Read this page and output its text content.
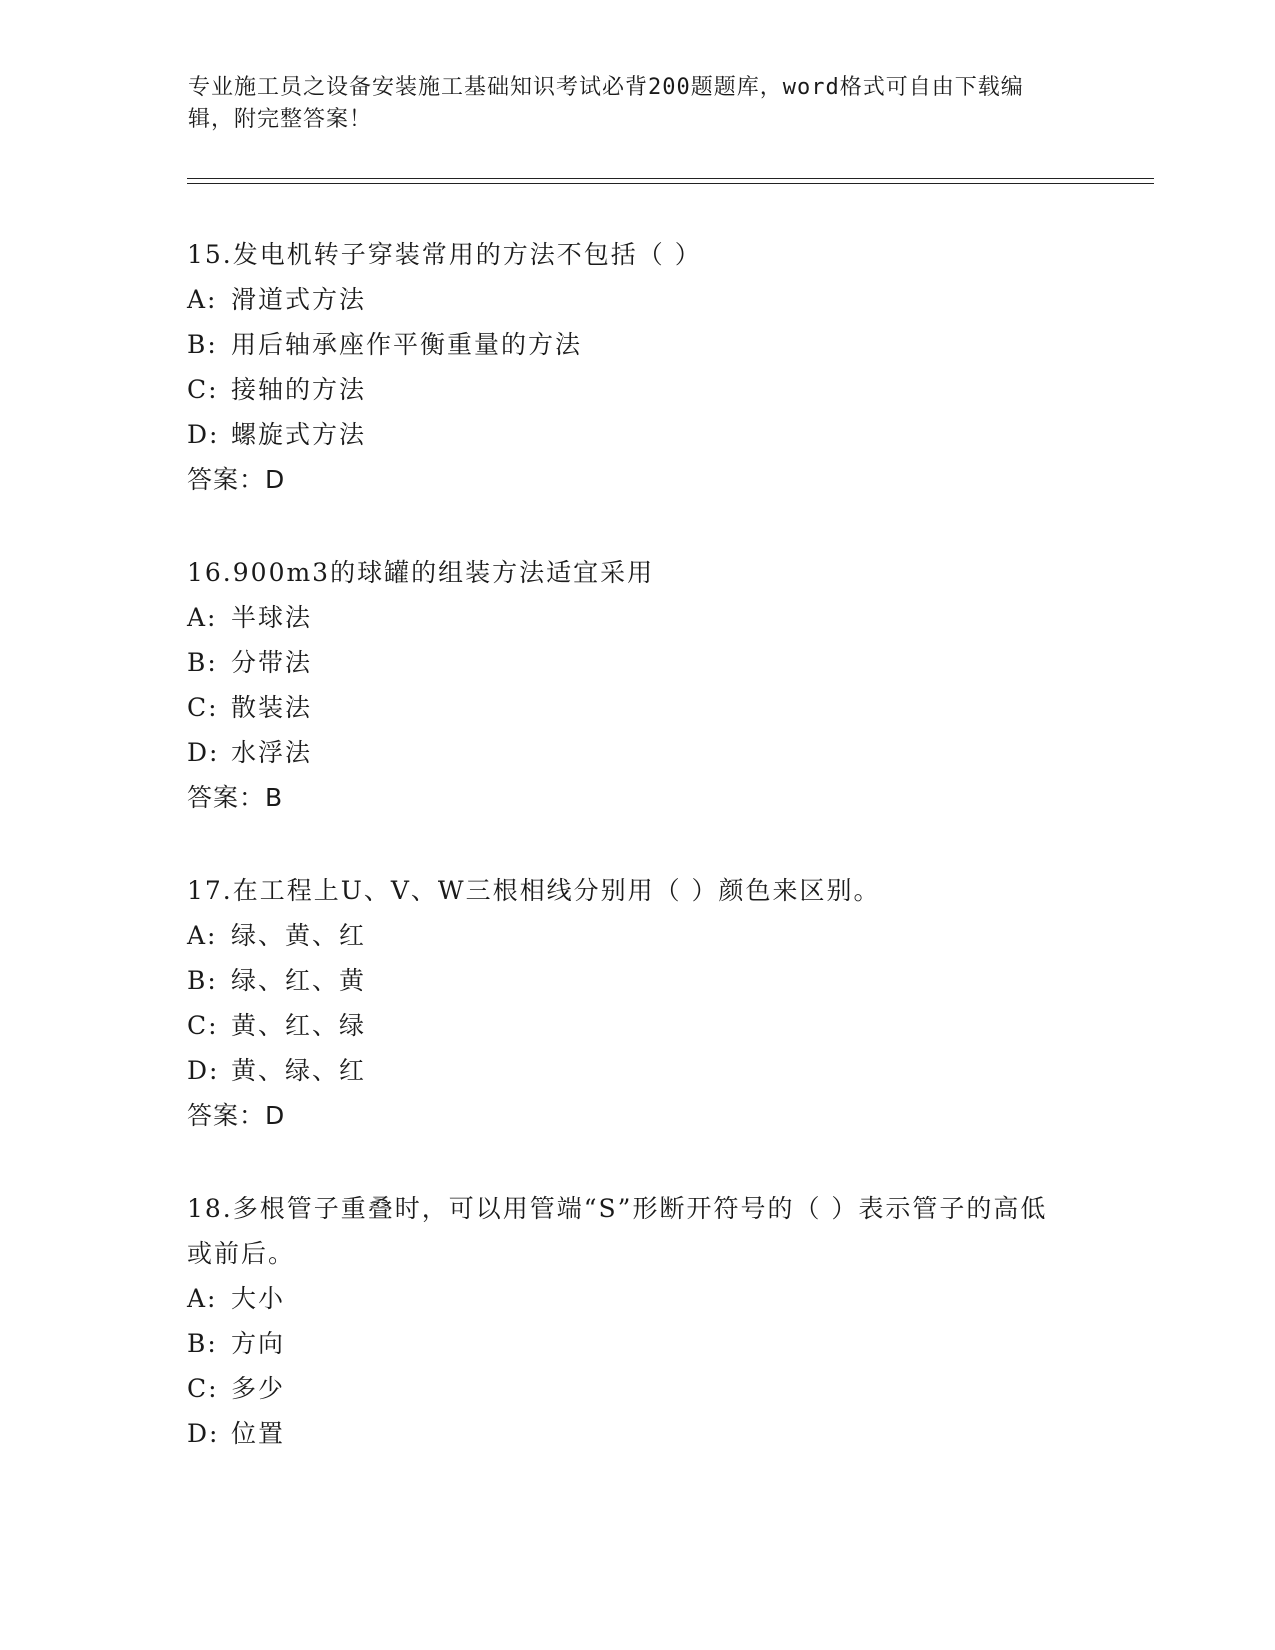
专业施工员之设备安装施工基础知识考试必背200题题库，word格式可自由下载编辑，附完整答案！

15.发电机转子穿装常用的方法不包括（ ）

A: 滑道式方法

B: 用后轴承座作平衡重量的方法

C: 接轴的方法

D: 螺旋式方法

答案：D

16.900m3的球罐的组装方法适宜采用

A: 半球法

B: 分带法

C: 散装法

D: 水浮法

答案：B

17.在工程上U、V、W三根相线分别用（ ）颜色来区别。

A: 绿、黄、红

B: 绿、红、黄

C: 黄、红、绿

D: 黄、绿、红

答案：D

18.多根管子重叠时，可以用管端“S”形断开符号的（ ）表示管子的高低或前后。

A: 大小

B: 方向

C: 多少

D: 位置
